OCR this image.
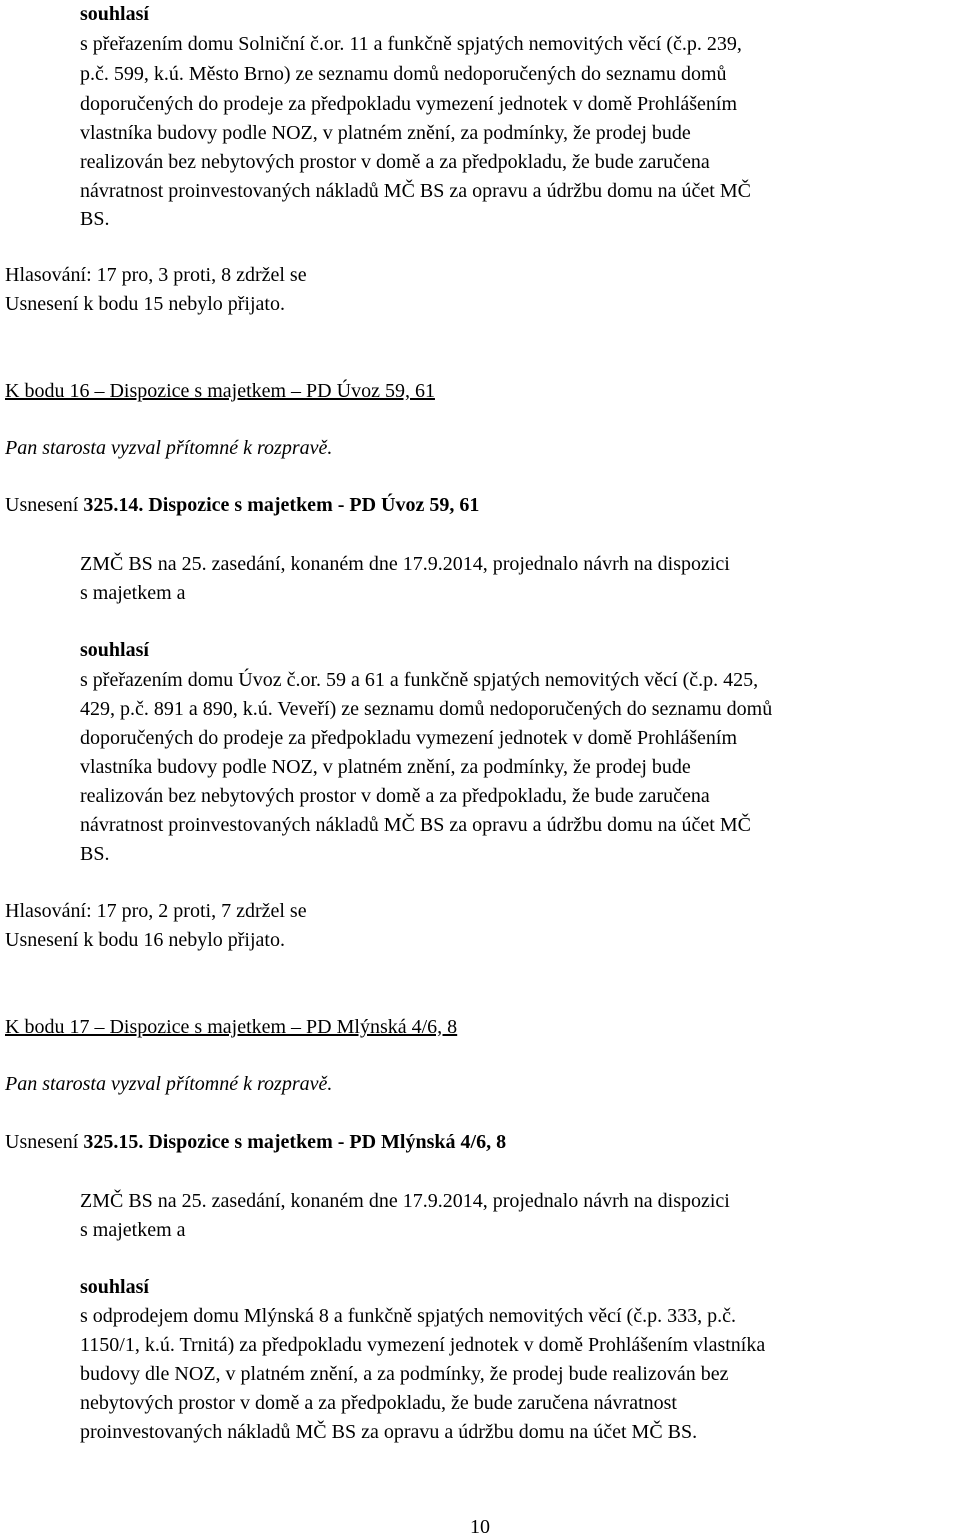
souhlasí
s přeřazením domu Solniční č.or. 11 a funkčně spjatých nemovitých věcí (č.p. 239,
p.č. 599, k.ú. Město Brno) ze seznamu domů nedoporučených do seznamu domů
doporučených do prodeje za předpokladu vymezení jednotek v domě Prohlášením
vlastníka budovy podle NOZ, v platném znění, za podmínky, že prodej bude
realizován bez nebytových prostor v domě a za předpokladu, že bude zaručena
návratnost proinvestovaných nákladů MČ BS za opravu a údržbu domu na účet MČ
BS.
Hlasování: 17 pro, 3 proti, 8 zdržel se
Usnesení k bodu 15 nebylo přijato.
K bodu 16 – Dispozice s majetkem – PD Úvoz 59, 61
Pan starosta vyzval přítomné k rozpravě.
Usnesení 325.14. Dispozice s majetkem - PD Úvoz 59, 61
ZMČ BS na 25. zasedání, konaném dne 17.9.2014, projednalo návrh na dispozici
s majetkem a
souhlasí
s přeřazením domu Úvoz č.or. 59 a 61 a funkčně spjatých nemovitých věcí (č.p. 425,
429, p.č. 891 a 890, k.ú. Veveří) ze seznamu domů nedoporučených do seznamu domů
doporučených do prodeje za předpokladu vymezení jednotek v domě Prohlášením
vlastníka budovy podle NOZ, v platném znění, za podmínky, že prodej bude
realizován bez nebytových prostor v domě a za předpokladu, že bude zaručena
návratnost proinvestovaných nákladů MČ BS za opravu a údržbu domu na účet MČ
BS.
Hlasování: 17 pro, 2 proti, 7 zdržel se
Usnesení k bodu 16 nebylo přijato.
K bodu 17 – Dispozice s majetkem – PD Mlýnská 4/6, 8
Pan starosta vyzval přítomné k rozpravě.
Usnesení 325.15. Dispozice s majetkem - PD Mlýnská 4/6, 8
ZMČ BS na 25. zasedání, konaném dne 17.9.2014, projednalo návrh na dispozici
s majetkem a
souhlasí
s odprodejem domu Mlýnská 8 a funkčně spjatých nemovitých věcí (č.p. 333, p.č.
1150/1, k.ú. Trnitá) za předpokladu vymezení jednotek v domě Prohlášením vlastníka
budovy dle NOZ, v platném znění, a za podmínky, že prodej bude realizován bez
nebytových prostor v domě a za předpokladu, že bude zaručena návratnost
proinvestovaných nákladů MČ BS za opravu a údržbu domu na účet MČ BS.
10
